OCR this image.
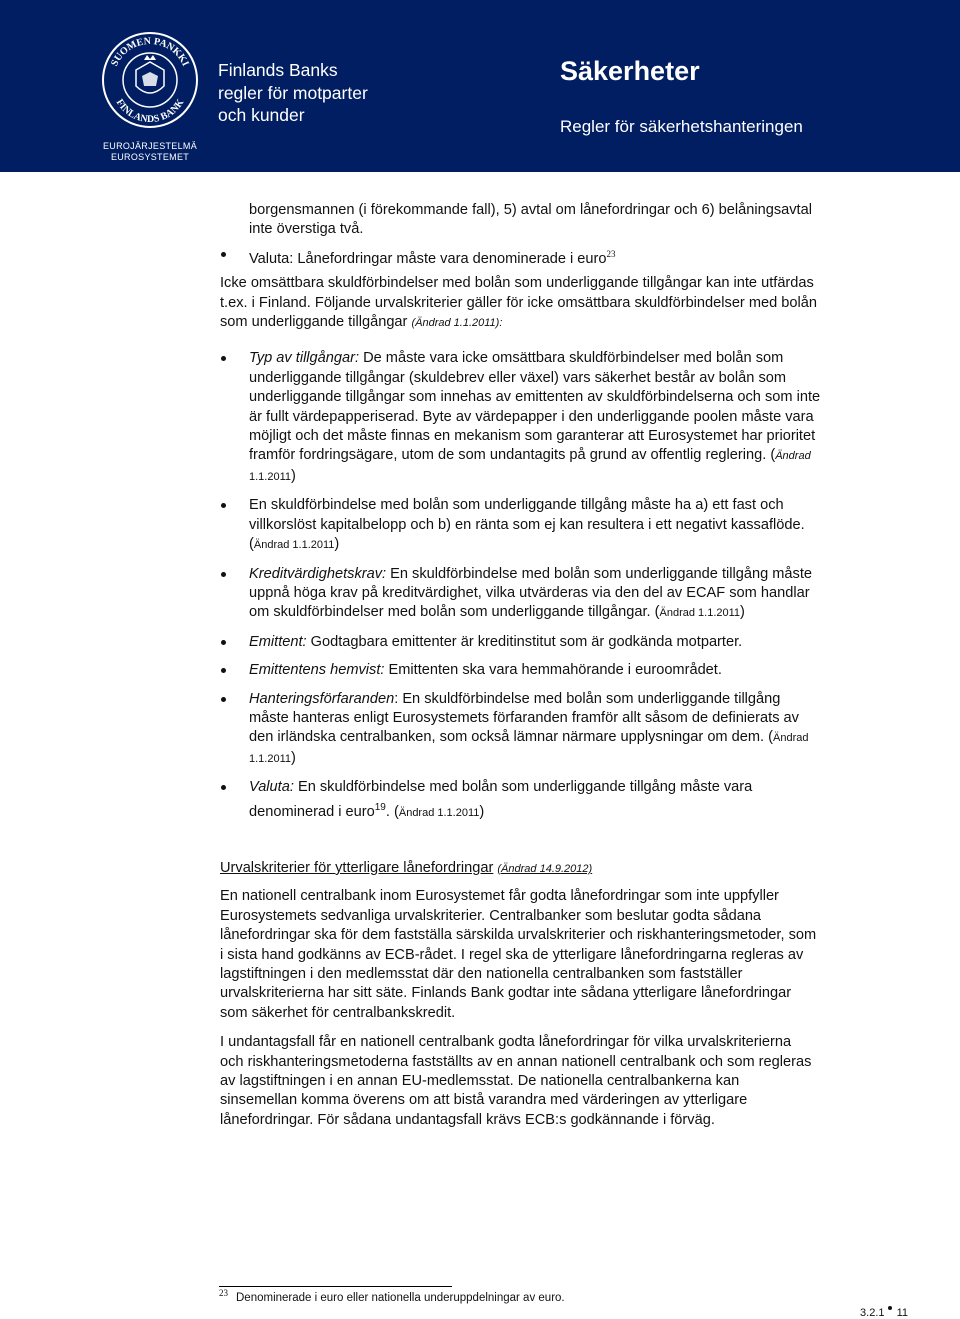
SUOMEN PANKKI
FINLANDS BANK
EUROJÄRJESTELMÄ
EUROSYSTEMET
Finlands Banks
regler för motparter
och kunder
Säkerheter
Regler för säkerhetshanteringen
borgensmannen (i förekommande fall), 5) avtal om lånefordringar och 6) belåningsavtal
inte överstiga två.
Valuta: Lånefordringar måste vara denominerade i euro$^{23}$
Icke omsättbara skuldförbindelser med bolån som underliggande tillgångar kan inte utfärdas
t.ex. i Finland. Följande urvalskriterier gäller för icke omsättbara skuldförbindelser med bolån
som underliggande tillgångar (Ändrad 1.1.2011):
Typ av tillgångar: De måste vara icke omsättbara skuldförbindelser med bolån som
underliggande tillgångar (skuldebrev eller växel) vars säkerhet består av bolån som
underliggande tillgångar som innehas av emittenten av skuldförbindelserna och som inte
är fullt värdepapperiserad. Byte av värdepapper i den underliggande poolen måste vara
möjligt och det måste finnas en mekanism som garanterar att Eurosystemet har prioritet
framför fordringsägare, utom de som undantagits på grund av offentlig reglering. (Ändrad
1.1.2011)
En skuldförbindelse med bolån som underliggande tillgång måste ha a) ett fast och
villkorslöst kapitalbelopp och b) en ränta som ej kan resultera i ett negativt kassaflöde.
(Ändrad 1.1.2011)
Kreditvärdighetskrav: En skuldförbindelse med bolån som underliggande tillgång måste
uppnå höga krav på kreditvärdighet, vilka utvärderas via den del av ECAF som handlar
om skuldförbindelser med bolån som underliggande tillgångar. (Ändrad 1.1.2011)
Emittent: Godtagbara emittenter är kreditinstitut som är godkända motparter.
Emittentens hemvist: Emittenten ska vara hemmahörande i euroområdet.
Hanteringsförfaranden: En skuldförbindelse med bolån som underliggande tillgång
måste hanteras enligt Eurosystemets förfaranden framför allt såsom de definierats av
den irländska centralbanken, som också lämnar närmare upplysningar om dem. (Ändrad
1.1.2011)
Valuta: En skuldförbindelse med bolån som underliggande tillgång måste vara
denominerad i euro$^{19}$. (Ändrad 1.1.2011)
Urvalskriterier för ytterligare lånefordringar (Ändrad 14.9.2012)
En nationell centralbank inom Eurosystemet får godta lånefordringar som inte uppfyller
Eurosystemets sedvanliga urvalskriterier. Centralbanker som beslutar godta sådana
lånefordringar ska för dem fastställa särskilda urvalskriterier och riskhanteringsmetoder, som
i sista hand godkänns av ECB-rådet. I regel ska de ytterligare lånefordringarna regleras av
lagstiftningen i den medlemsstat där den nationella centralbanken som fastställer
urvalskriterierna har sitt säte. Finlands Bank godtar inte sådana ytterligare lånefordringar
som säkerhet för centralbankskredit.
I undantagsfall får en nationell centralbank godta lånefordringar för vilka urvalskriterierna
och riskhanteringsmetoderna fastställts av en annan nationell centralbank och som regleras
av lagstiftningen i en annan EU-medlemsstat. De nationella centralbankerna kan
sinsemellan komma överens om att bistå varandra med värderingen av ytterligare
lånefordringar. För sådana undantagsfall krävs ECB:s godkännande i förväg.
$^{23}$ Denominerade i euro eller nationella underuppdelningar av euro.
3.2.1 11
